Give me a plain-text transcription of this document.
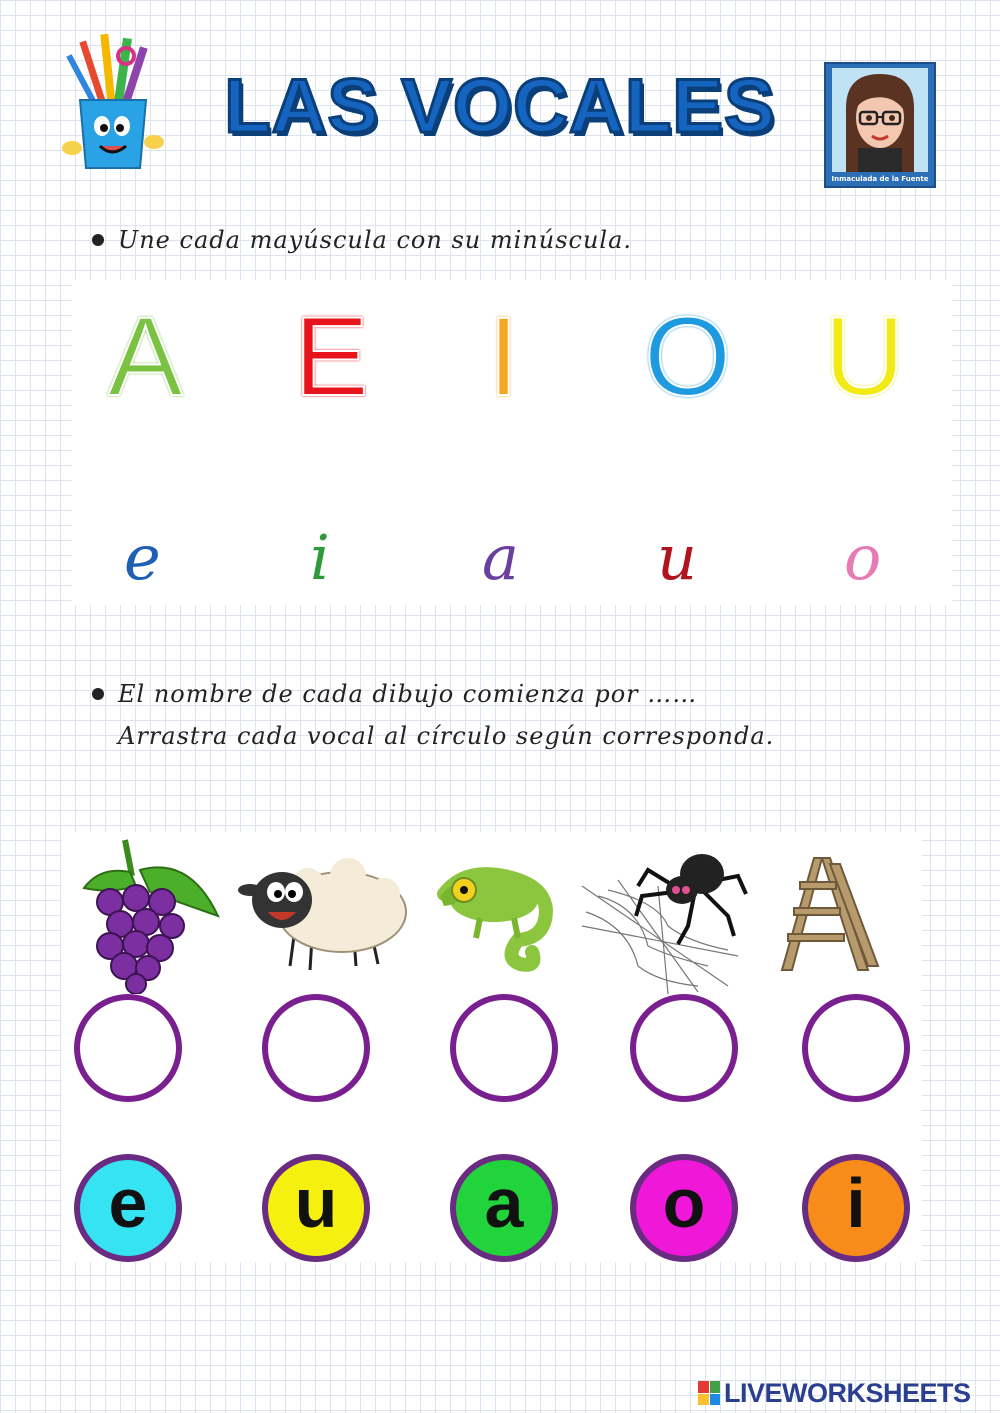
LAS VOCALES
Inmaculada de la Fuente
Une cada mayúscula con su minúscula.
A E I O U
e i a u o
El nombre de cada dibujo comienza por ……
Arrastra cada vocal al círculo según corresponda.
e u a o i
LIVEWORKSHEETS
